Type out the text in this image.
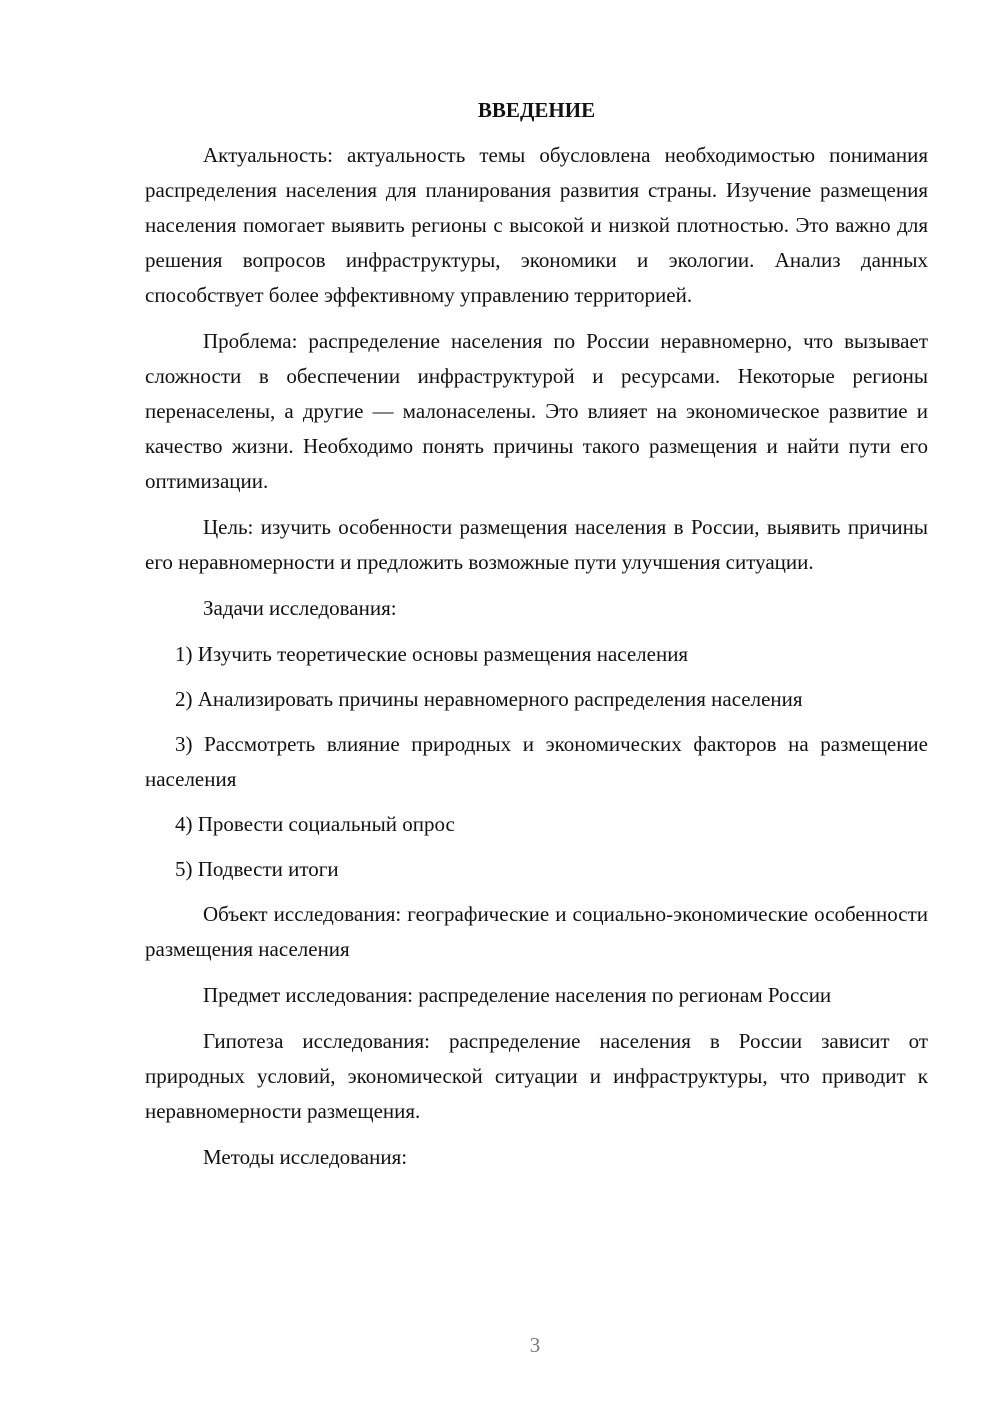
ВВЕДЕНИЕ

Актуальность: актуальность темы обусловлена необходимостью понимания распределения населения для планирования развития страны. Изучение размещения населения помогает выявить регионы с высокой и низкой плотностью. Это важно для решения вопросов инфраструктуры, экономики и экологии. Анализ данных способствует более эффективному управлению территорией.

Проблема: распределение населения по России неравномерно, что вызывает сложности в обеспечении инфраструктурой и ресурсами. Некоторые регионы перенаселены, а другие — малонаселены. Это влияет на экономическое развитие и качество жизни. Необходимо понять причины такого размещения и найти пути его оптимизации.

Цель: изучить особенности размещения населения в России, выявить причины его неравномерности и предложить возможные пути улучшения ситуации.

Задачи исследования:

1) Изучить теоретические основы размещения населения

2) Анализировать причины неравномерного распределения населения

3) Рассмотреть влияние природных и экономических факторов на размещение населения

4) Провести социальный опрос

5) Подвести итоги

Объект исследования: географические и социально-экономические особенности размещения населения

Предмет исследования: распределение населения по регионам России

Гипотеза исследования: распределение населения в России зависит от природных условий, экономической ситуации и инфраструктуры, что приводит к неравномерности размещения.

Методы исследования:

3
